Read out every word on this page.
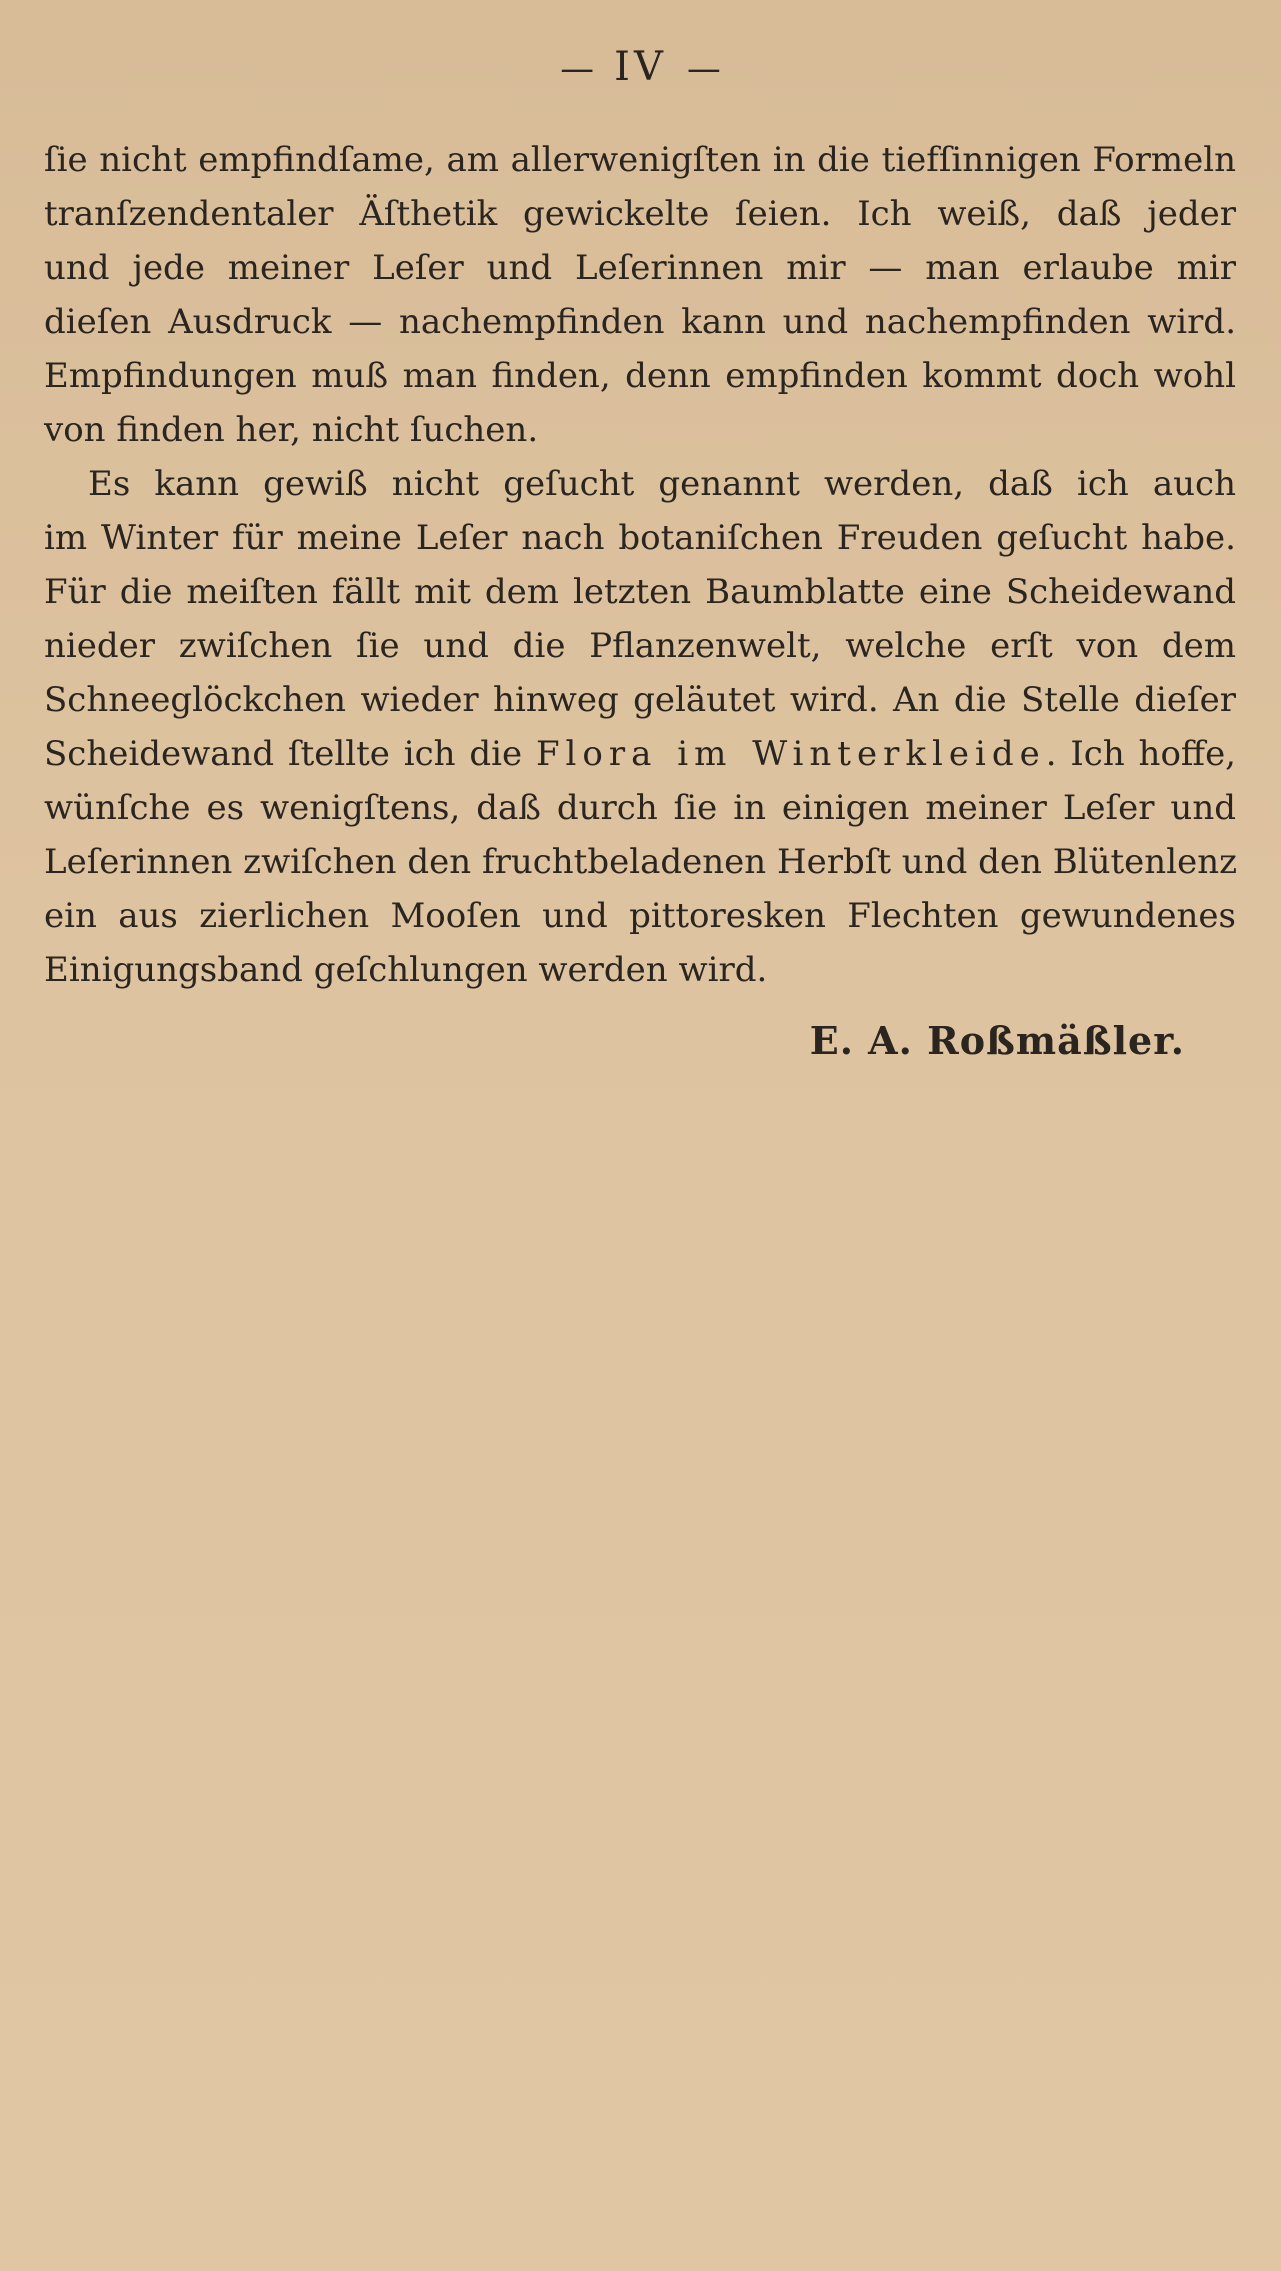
— IV —
ſie nicht empfindſame, am allerwenigſten in die tiefſinnigen Formeln
tranſzendentaler Äſthetik gewickelte ſeien. Ich weiß, daß jeder
und jede meiner Leſer und Leſerinnen mir — man erlaube mir
dieſen Ausdruck — nachempfinden kann und nachempfinden wird.
Empfindungen muß man finden, denn empfinden kommt doch wohl
von finden her, nicht ſuchen.
Es kann gewiß nicht geſucht genannt werden, daß ich auch
im Winter für meine Leſer nach botaniſchen Freuden geſucht habe.
Für die meiſten fällt mit dem letzten Baumblatte eine Scheidewand
nieder zwiſchen ſie und die Pflanzenwelt, welche erſt von dem
Schneeglöckchen wieder hinweg geläutet wird. An die Stelle dieſer
Scheidewand ſtellte ich die Flora im Winterkleide. Ich hoffe,
wünſche es wenigſtens, daß durch ſie in einigen meiner Leſer und
Leſerinnen zwiſchen den fruchtbeladenen Herbſt und den Blütenlenz
ein aus zierlichen Mooſen und pittoresken Flechten gewundenes
Einigungsband geſchlungen werden wird.
E. A. Roßmäßler.
